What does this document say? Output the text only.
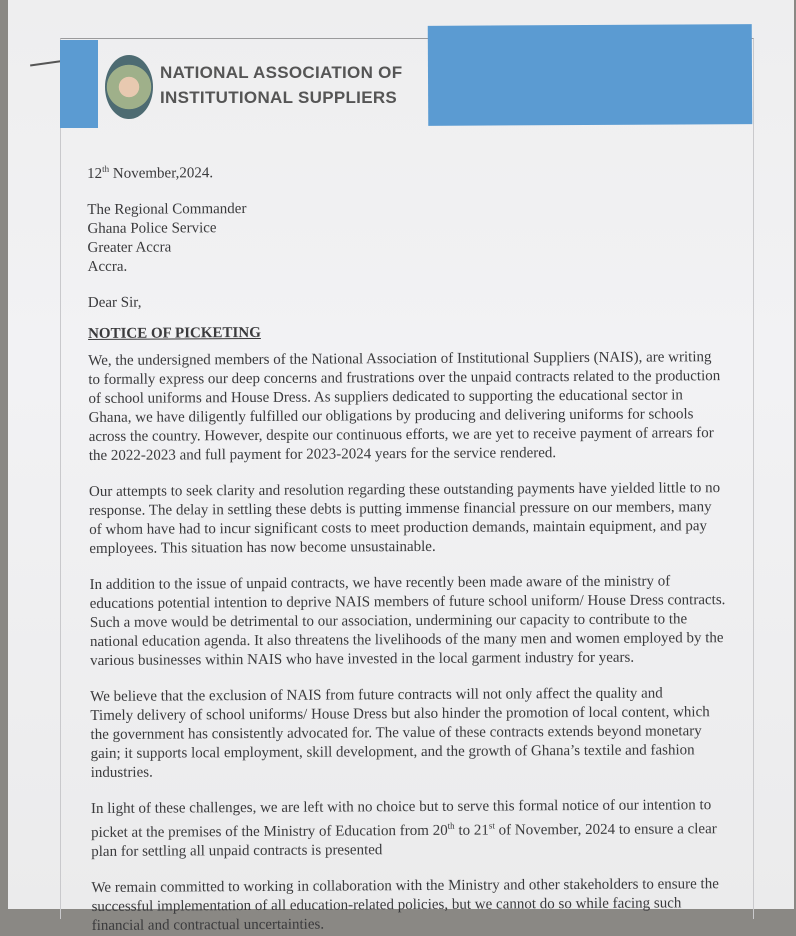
NATIONAL ASSOCIATION OF
INSTITUTIONAL SUPPLIERS
12th November,2024.
The Regional Commander
Ghana Police Service
Greater Accra
Accra.
Dear Sir,
NOTICE OF PICKETING
We, the undersigned members of the National Association of Institutional Suppliers (NAIS), are writing
to formally express our deep concerns and frustrations over the unpaid contracts related to the production
of school uniforms and House Dress. As suppliers dedicated to supporting the educational sector in
Ghana, we have diligently fulfilled our obligations by producing and delivering uniforms for schools
across the country. However, despite our continuous efforts, we are yet to receive payment of arrears for
the 2022-2023 and full payment for 2023-2024 years for the service rendered.
Our attempts to seek clarity and resolution regarding these outstanding payments have yielded little to no
response. The delay in settling these debts is putting immense financial pressure on our members, many
of whom have had to incur significant costs to meet production demands, maintain equipment, and pay
employees. This situation has now become unsustainable.
In addition to the issue of unpaid contracts, we have recently been made aware of the ministry of
educations potential intention to deprive NAIS members of future school uniform/ House Dress contracts.
Such a move would be detrimental to our association, undermining our capacity to contribute to the
national education agenda. It also threatens the livelihoods of the many men and women employed by the
various businesses within NAIS who have invested in the local garment industry for years.
We believe that the exclusion of NAIS from future contracts will not only affect the quality and
Timely delivery of school uniforms/ House Dress but also hinder the promotion of local content, which
the government has consistently advocated for. The value of these contracts extends beyond monetary
gain; it supports local employment, skill development, and the growth of Ghana’s textile and fashion
industries.
In light of these challenges, we are left with no choice but to serve this formal notice of our intention to
picket at the premises of the Ministry of Education from 20th to 21st of November, 2024 to ensure a clear
plan for settling all unpaid contracts is presented
We remain committed to working in collaboration with the Ministry and other stakeholders to ensure the
successful implementation of all education-related policies, but we cannot do so while facing such
financial and contractual uncertainties.
